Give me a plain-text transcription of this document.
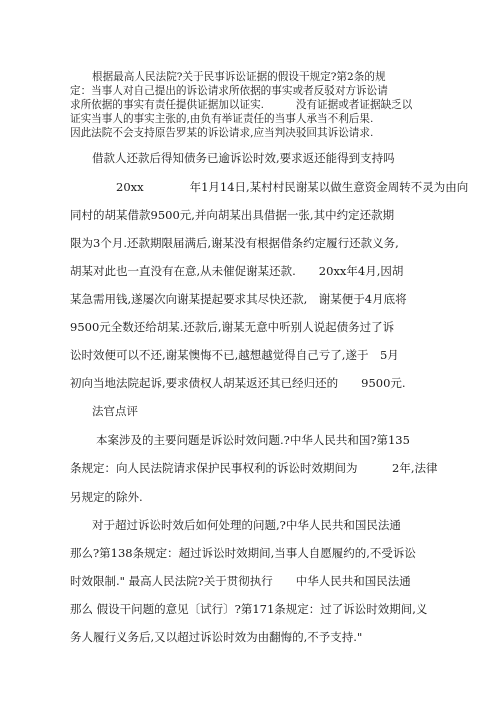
根据最高人民法院?关于民事诉讼证据的假设干规定?第2条的规
定：当事人对自己提出的诉讼请求所依据的事实或者反驳对方诉讼请
求所依据的事实有责任提供证据加以证实.　　　没有证据或者证据缺乏以
证实当事人的事实主张的,由负有举证责任的当事人承当不利后果.
因此法院不会支持原告罗某的诉讼请求,应当判决驳回其诉讼请求.
借款人还款后得知债务已逾诉讼时效,要求返还能得到支持吗
20xx　　　　年1月14日,某村村民谢某以做生意资金周转不灵为由向
同村的胡某借款9500元,并向胡某出具借据一张,其中约定还款期
限为3个月.还款期限届满后,谢某没有根据借条约定履行还款义务,
胡某对此也一直没有在意,从未催促谢某还款.　　20xx年4月,因胡
某急需用钱,遂屡次向谢某提起要求其尽快还款,　谢某便于4月底将
9500元全数还给胡某.还款后,谢某无意中听别人说起债务过了诉
讼时效便可以不还,谢某懊悔不已,越想越觉得自己亏了,遂于　5月
初向当地法院起诉,要求债权人胡某返还其已经归还的　　9500元.
法官点评
本案涉及的主要问题是诉讼时效问题.?中华人民共和国?第135
条规定：向人民法院请求保护民事权利的诉讼时效期间为　　　2年,法律
另规定的除外.
对于超过诉讼时效后如何处理的问题,?中华人民共和国民法通
那么?第138条规定：超过诉讼时效期间,当事人自愿履约的,不受诉讼
时效限制." 最高人民法院?关于贯彻执行　　中华人民共和国民法通
那么 假设干问题的意见〔试行〕?第171条规定：过了诉讼时效期间,义
务人履行义务后,又以超过诉讼时效为由翻悔的,不予支持."
